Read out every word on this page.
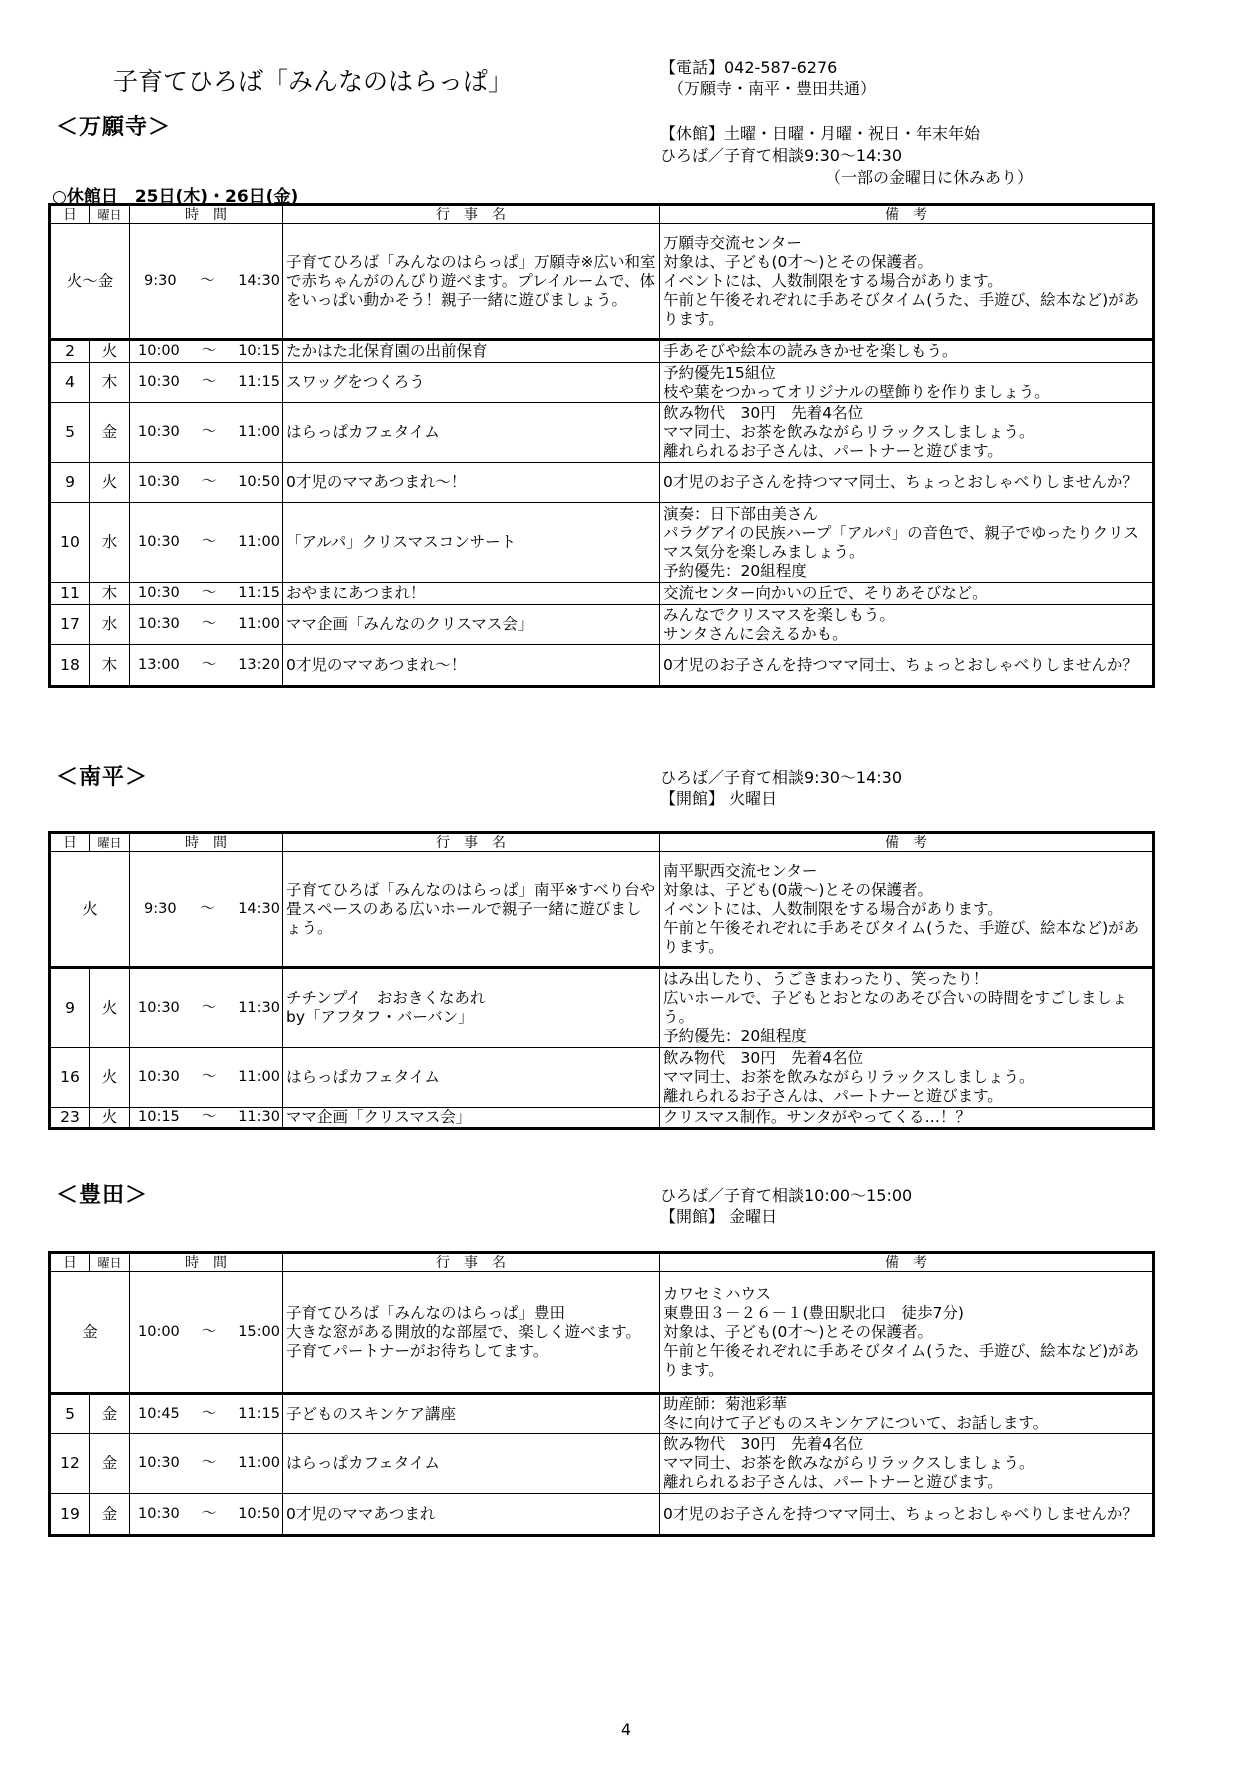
子育てひろば「みんなのはらっぱ」	【電話】042-587-6276
（万願寺・南平・豊田共通）
＜万願寺＞	【休館】土曜・日曜・月曜・祝日・年末年始
ひろば／子育て相談9:30～14:30
（一部の金曜日に休みあり）
○休館日　25日(木)・26日(金)
日	曜日	時　間	行　事　名	備　考
火～金		9:30 ～ 14:30	子育てひろば「みんなのはらっぱ」万願寺※広い和室で赤ちゃんがのんびり遊べます。プレイルームで、体をいっぱい動かそう！親子一緒に遊びましょう。	万願寺交流センター
対象は、子ども(0才～)とその保護者。
イベントには、人数制限をする場合があります。
午前と午後それぞれに手あそびタイム(うた、手遊び、絵本など)があります。
2	火	10:00 ～ 10:15	たかはた北保育園の出前保育	手あそびや絵本の読みきかせを楽しもう。
4	木	10:30 ～ 11:15	スワッグをつくろう	予約優先15組位
枝や葉をつかってオリジナルの壁飾りを作りましょう。
5	金	10:30 ～ 11:00	はらっぱカフェタイム	飲み物代　30円　先着4名位
ママ同士、お茶を飲みながらリラックスしましょう。
離れられるお子さんは、パートナーと遊びます。
9	火	10:30 ～ 10:50	0才児のママあつまれ～！	0才児のお子さんを持つママ同士、ちょっとおしゃべりしませんか？
10	水	10:30 ～ 11:00	「アルパ」クリスマスコンサート	演奏：日下部由美さん
パラグアイの民族ハープ「アルパ」の音色で、親子でゆったりクリスマス気分を楽しみましょう。
予約優先：20組程度
11	木	10:30 ～ 11:15	おやまにあつまれ！	交流センター向かいの丘で、そりあそびなど。
17	水	10:30 ～ 11:00	ママ企画「みんなのクリスマス会」	みんなでクリスマスを楽しもう。
サンタさんに会えるかも。
18	木	13:00 ～ 13:20	0才児のママあつまれ～！	0才児のお子さんを持つママ同士、ちょっとおしゃべりしませんか？
＜南平＞	ひろば／子育て相談9:30～14:30
【開館】 火曜日
日	曜日	時　間	行　事　名	備　考
火		9:30 ～ 14:30	子育てひろば「みんなのはらっぱ」南平※すべり台や畳スペースのある広いホールで親子一緒に遊びましょう。	南平駅西交流センター
対象は、子ども(0歳～)とその保護者。
イベントには、人数制限をする場合があります。
午前と午後それぞれに手あそびタイム(うた、手遊び、絵本など)があります。
9	火	10:30 ～ 11:30	チチンプイ　おおきくなあれ
by「アフタフ・バーバン」	はみ出したり、うごきまわったり、笑ったり！
広いホールで、子どもとおとなのあそび合いの時間をすごしましょう。
予約優先：20組程度
16	火	10:30 ～ 11:00	はらっぱカフェタイム	飲み物代　30円　先着4名位
ママ同士、お茶を飲みながらリラックスしましょう。
離れられるお子さんは、パートナーと遊びます。
23	火	10:15 ～ 11:30	ママ企画「クリスマス会」	クリスマス制作。サンタがやってくる…！？
＜豊田＞	ひろば／子育て相談10:00～15:00
【開館】 金曜日
日	曜日	時　間	行　事　名	備　考
金		10:00 ～ 15:00	子育てひろば「みんなのはらっぱ」豊田
大きな窓がある開放的な部屋で、楽しく遊べます。子育てパートナーがお待ちしてます。	カワセミハウス
東豊田３－２６－１(豊田駅北口　徒歩7分)
対象は、子ども(0才～)とその保護者。
午前と午後それぞれに手あそびタイム(うた、手遊び、絵本など)があります。
5	金	10:45 ～ 11:15	子どものスキンケア講座	助産師：菊池彩華
冬に向けて子どものスキンケアについて、お話します。
12	金	10:30 ～ 11:00	はらっぱカフェタイム	飲み物代　30円　先着4名位
ママ同士、お茶を飲みながらリラックスしましょう。
離れられるお子さんは、パートナーと遊びます。
19	金	10:30 ～ 10:50	0才児のママあつまれ	0才児のお子さんを持つママ同士、ちょっとおしゃべりしませんか？
4
